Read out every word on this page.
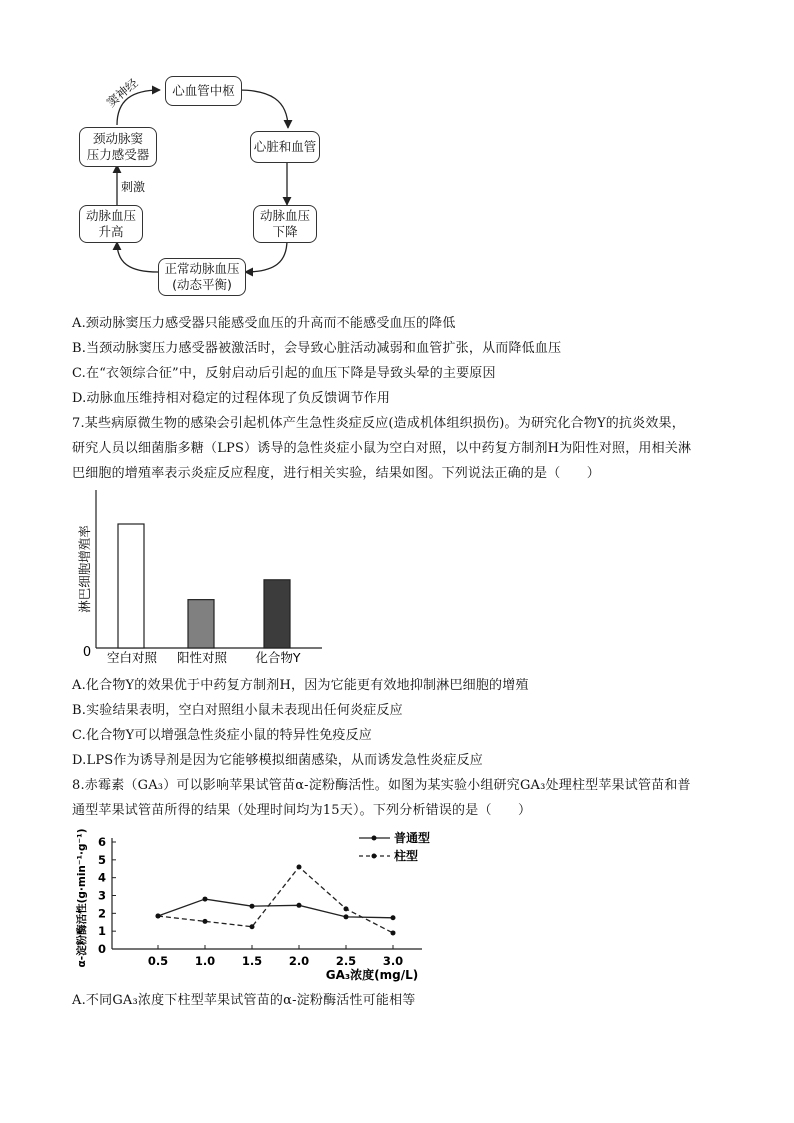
心血管中枢
心脏和血管
动脉血压
下降
正常动脉血压
(动态平衡)
动脉血压
升高
颈动脉窦
压力感受器
窦神经
刺激
A.颈动脉窦压力感受器只能感受血压的升高而不能感受血压的降低
B.当颈动脉窦压力感受器被激活时，会导致心脏活动减弱和血管扩张，从而降低血压
C.在“衣领综合征”中，反射启动后引起的血压下降是导致头晕的主要原因
D.动脉血压维持相对稳定的过程体现了负反馈调节作用
7.某些病原微生物的感染会引起机体产生急性炎症反应(造成机体组织损伤)。为研究化合物Y的抗炎效果，
研究人员以细菌脂多糖（LPS）诱导的急性炎症小鼠为空白对照，以中药复方制剂H为阳性对照，用相关淋
巴细胞的增殖率表示炎症反应程度，进行相关实验，结果如图。下列说法正确的是（　　）
0
淋巴细胞增殖率
空白对照 阳性对照 化合物Y
A.化合物Y的效果优于中药复方制剂H，因为它能更有效地抑制淋巴细胞的增殖
B.实验结果表明，空白对照组小鼠未表现出任何炎症反应
C.化合物Y可以增强急性炎症小鼠的特异性免疫反应
D.LPS作为诱导剂是因为它能够模拟细菌感染，从而诱发急性炎症反应
8.赤霉素（GA₃）可以影响苹果试管苗α-淀粉酶活性。如图为某实验小组研究GA₃处理柱型苹果试管苗和普
通型苹果试管苗所得的结果（处理时间均为15天）。下列分析错误的是（　　）
α-淀粉酶活性(g·min⁻¹·g⁻¹) 0
1
2
3
4
5
6
0.5 1.0 1.5 2.0 2.5 3.0
普通型
柱型
GA₃浓度(mg/L)
A.不同GA₃浓度下柱型苹果试管苗的α-淀粉酶活性可能相等
